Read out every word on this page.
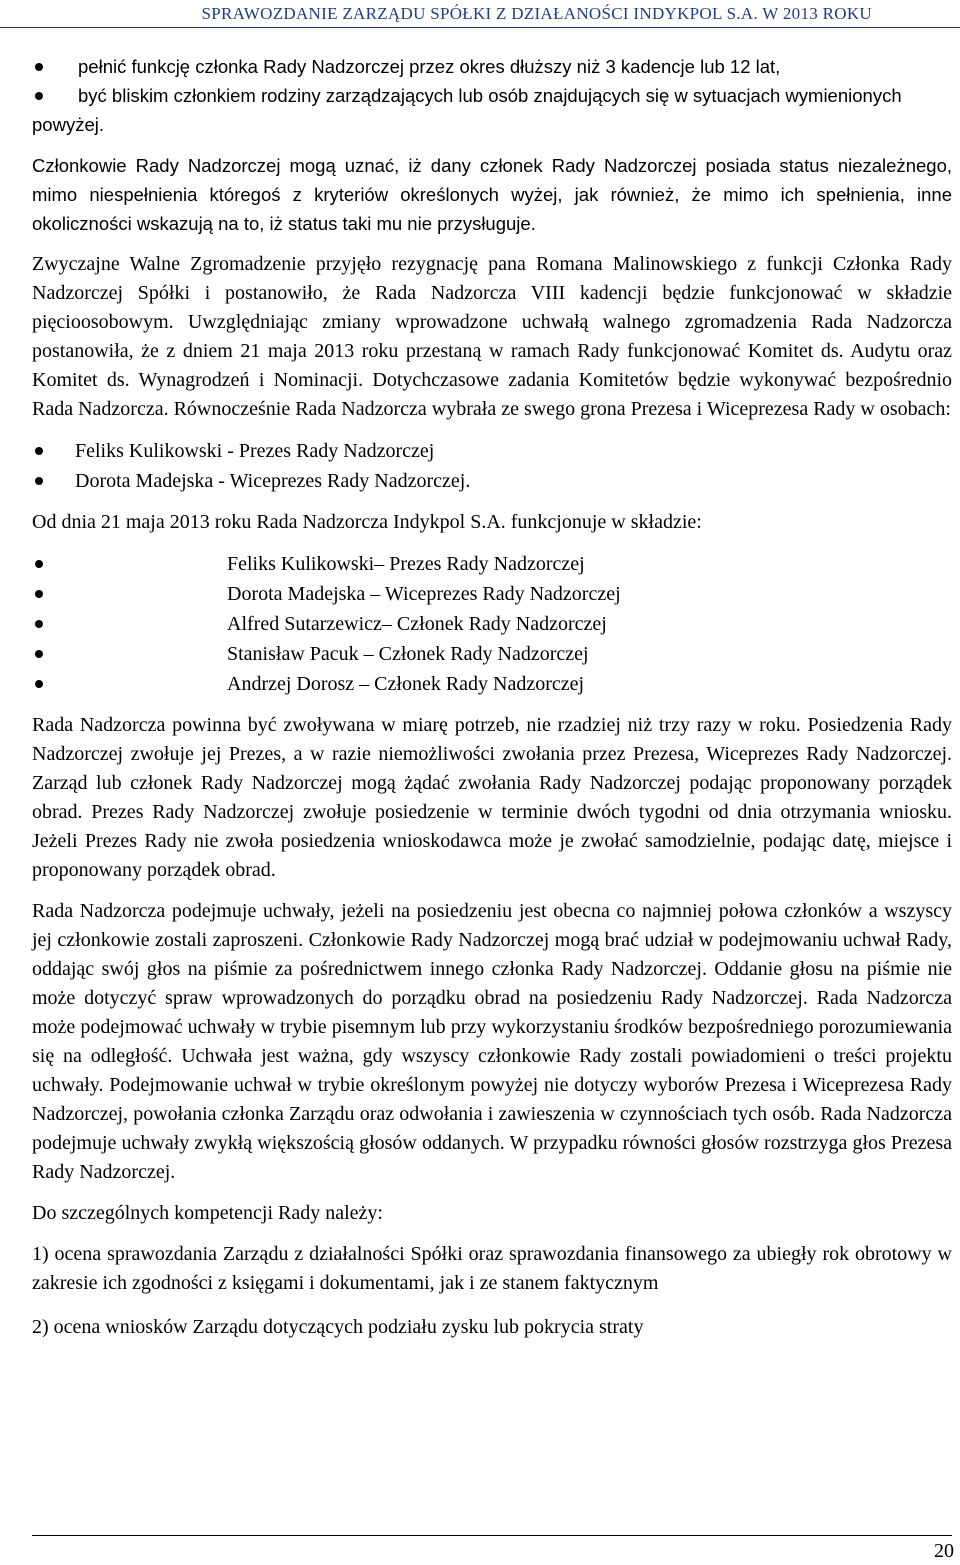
SPRAWOZDANIE ZARZĄDU SPÓŁKI Z DZIAŁANOŚCI INDYKPOL S.A. W 2013 ROKU
pełnić funkcję członka Rady Nadzorczej przez okres dłuższy niż 3 kadencje lub 12 lat,
być bliskim członkiem rodziny zarządzających lub osób znajdujących się w sytuacjach wymienionych powyżej.

Członkowie Rady Nadzorczej mogą uznać, iż dany członek Rady Nadzorczej posiada status niezależnego, mimo niespełnienia któregoś z kryteriów określonych wyżej, jak również, że mimo ich spełnienia, inne okoliczności wskazują na to, iż status taki mu nie przysługuje.

Zwyczajne Walne Zgromadzenie przyjęło rezygnację pana Romana Malinowskiego z funkcji Członka Rady Nadzorczej Spółki i postanowiło, że Rada Nadzorcza VIII kadencji będzie funkcjonować w składzie pięcioosobowym. Uwzględniając zmiany wprowadzone uchwałą walnego zgromadzenia Rada Nadzorcza postanowiła, że z dniem 21 maja 2013 roku przestaną w ramach Rady funkcjonować Komitet ds. Audytu oraz Komitet ds. Wynagrodzeń i Nominacji. Dotychczasowe zadania Komitetów będzie wykonywać bezpośrednio Rada Nadzorcza. Równocześnie Rada Nadzorcza wybrała ze swego grona Prezesa i Wiceprezesa Rady w osobach:

Feliks Kulikowski - Prezes Rady Nadzorczej
Dorota Madejska - Wiceprezes Rady Nadzorczej.

Od dnia 21 maja 2013 roku Rada Nadzorcza Indykpol S.A. funkcjonuje w składzie:

Feliks Kulikowski– Prezes Rady Nadzorczej
Dorota Madejska – Wiceprezes Rady Nadzorczej
Alfred Sutarzewicz– Członek Rady Nadzorczej
Stanisław Pacuk – Członek Rady Nadzorczej
Andrzej Dorosz – Członek Rady Nadzorczej

Rada Nadzorcza powinna być zwoływana w miarę potrzeb, nie rzadziej niż trzy razy w roku. Posiedzenia Rady Nadzorczej zwołuje jej Prezes, a w razie niemożliwości zwołania przez Prezesa, Wiceprezes Rady Nadzorczej. Zarząd lub członek Rady Nadzorczej mogą żądać zwołania Rady Nadzorczej podając proponowany porządek obrad. Prezes Rady Nadzorczej zwołuje posiedzenie w terminie dwóch tygodni od dnia otrzymania wniosku. Jeżeli Prezes Rady nie zwoła posiedzenia wnioskodawca może je zwołać samodzielnie, podając datę, miejsce i proponowany porządek obrad.

Rada Nadzorcza podejmuje uchwały, jeżeli na posiedzeniu jest obecna co najmniej połowa członków a wszyscy jej członkowie zostali zaproszeni. Członkowie Rady Nadzorczej mogą brać udział w podejmowaniu uchwał Rady, oddając swój głos na piśmie za pośrednictwem innego członka Rady Nadzorczej. Oddanie głosu na piśmie nie może dotyczyć spraw wprowadzonych do porządku obrad na posiedzeniu Rady Nadzorczej. Rada Nadzorcza może podejmować uchwały w trybie pisemnym lub przy wykorzystaniu środków bezpośredniego porozumiewania się na odległość. Uchwała jest ważna, gdy wszyscy członkowie Rady zostali powiadomieni o treści projektu uchwały. Podejmowanie uchwał w trybie określonym powyżej nie dotyczy wyborów Prezesa i Wiceprezesa Rady Nadzorczej, powołania członka Zarządu oraz odwołania i zawieszenia w czynnościach tych osób. Rada Nadzorcza podejmuje uchwały zwykłą większością głosów oddanych. W przypadku równości głosów rozstrzyga głos Prezesa Rady Nadzorczej.

Do szczególnych kompetencji Rady należy:

1) ocena sprawozdania Zarządu z działalności Spółki oraz sprawozdania finansowego za ubiegły rok obrotowy w zakresie ich zgodności z księgami i dokumentami, jak i ze stanem faktycznym
2) ocena wniosków Zarządu dotyczących podziału zysku lub pokrycia straty
20
